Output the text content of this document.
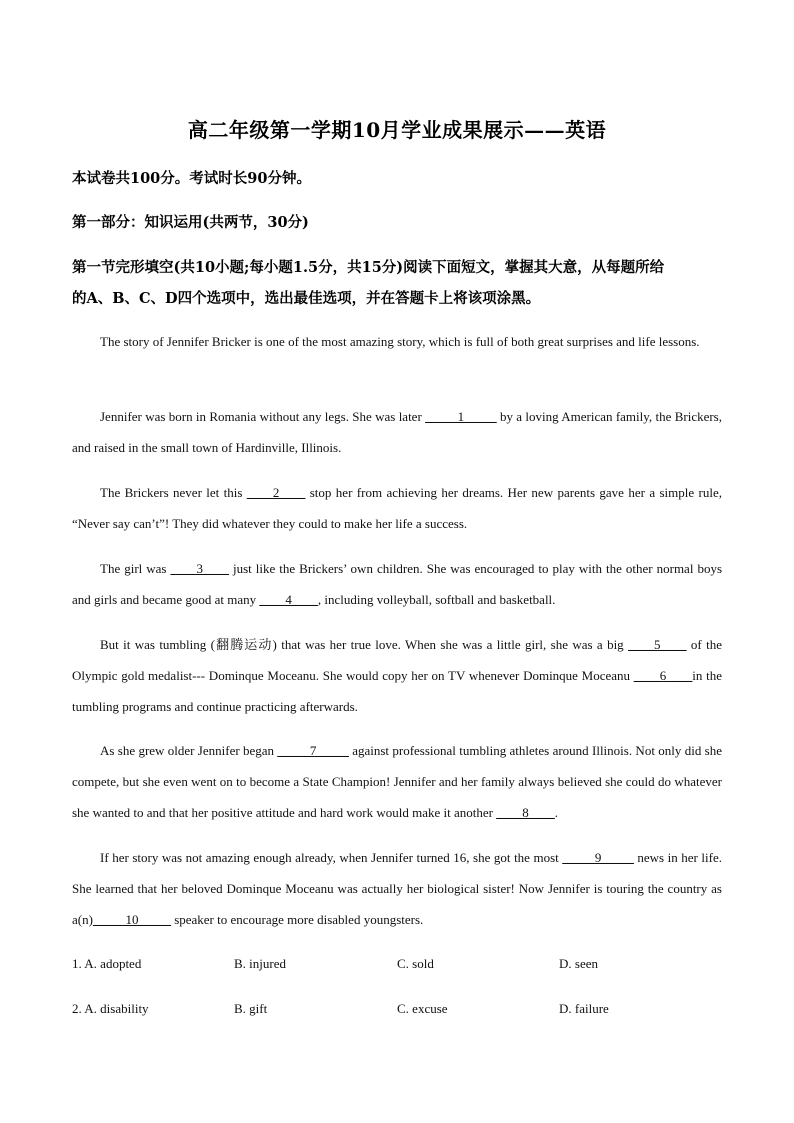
高二年级第一学期10月学业成果展示——英语
本试卷共100分。考试时长90分钟。
第一部分：知识运用(共两节，30分)
第一节完形填空(共10小题;每小题1.5分，共15分)阅读下面短文，掌握其大意，从每题所给
的A、B、C、D四个选项中，选出最佳选项，并在答题卡上将该项涂黑。
The story of Jennifer Bricker is one of the most amazing story, which is full of both great surprises and life lessons.
Jennifer was born in Romania without any legs. She was later _____1_____ by a loving American family, the Brickers, and raised in the small town of Hardinville, Illinois.
The Brickers never let this ____2____ stop her from achieving her dreams. Her new parents gave her a simple rule, “Never say can’t”! They did whatever they could to make her life a success.
The girl was ____3____ just like the Brickers’ own children. She was encouraged to play with the other normal boys and girls and became good at many ____4____, including volleyball, softball and basketball.
But it was tumbling (翻腾运动) that was her true love. When she was a little girl, she was a big ____5____ of the Olympic gold medalist--- Dominque Moceanu. She would copy her on TV whenever Dominque Moceanu ____6____in the tumbling programs and continue practicing afterwards.
As she grew older Jennifer began _____7_____ against professional tumbling athletes around Illinois. Not only did she compete, but she even went on to become a State Champion! Jennifer and her family always believed she could do whatever she wanted to and that her positive attitude and hard work would make it another ____8____.
If her story was not amazing enough already, when Jennifer turned 16, she got the most _____9_____ news in her life. She learned that her beloved Dominque Moceanu was actually her biological sister! Now Jennifer is touring the country as a(n)_____10_____ speaker to encourage more disabled youngsters.
1. A. adopted	B. injured	C. sold	D. seen
2. A. disability	B. gift	C. excuse	D. failure
